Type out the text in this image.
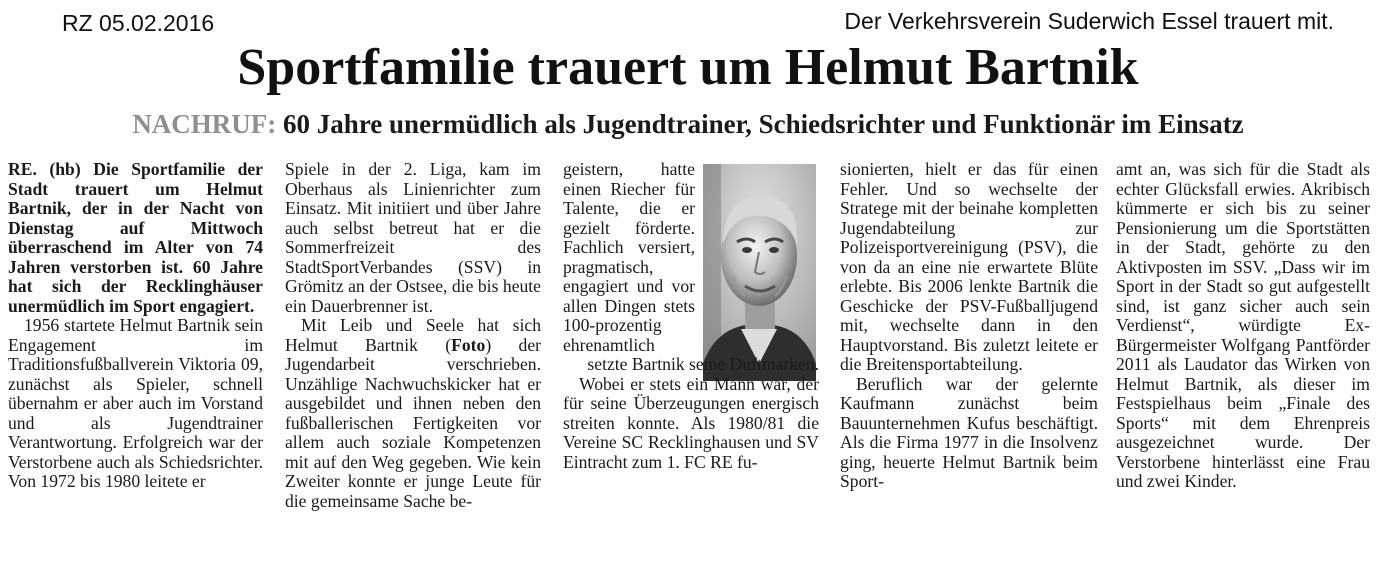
RZ 05.02.2016	Der Verkehrsverein Suderwich Essel trauert mit.
Sportfamilie trauert um Helmut Bartnik
NACHRUF: 60 Jahre unermüdlich als Jugendtrainer, Schiedsrichter und Funktionär im Einsatz

RE. (hb) Die Sportfamilie der Stadt trauert um Helmut Bartnik, der in der Nacht von Dienstag auf Mittwoch überraschend im Alter von 74 Jahren verstorben ist. 60 Jahre hat sich der Recklinghäuser unermüdlich im Sport engagiert.

1956 startete Helmut Bartnik sein Engagement im Traditionsfußballverein Viktoria 09, zunächst als Spieler, schnell übernahm er aber auch im Vorstand und als Jugendtrainer Verantwortung. Erfolgreich war der Verstorbene auch als Schiedsrichter. Von 1972 bis 1980 leitete er

Spiele in der 2. Liga, kam im Oberhaus als Linienrichter zum Einsatz. Mit initiiert und über Jahre auch selbst betreut hat er die Sommerfreizeit des StadtSportVerbandes (SSV) in Grömitz an der Ostsee, die bis heute ein Dauerbrenner ist.

Mit Leib und Seele hat sich Helmut Bartnik (Foto) der Jugendarbeit verschrieben. Unzählige Nachwuchskicker hat er ausgebildet und ihnen neben den fußballerischen Fertigkeiten vor allem auch soziale Kompetenzen mit auf den Weg gegeben. Wie kein Zweiter konnte er junge Leute für die gemeinsame Sache be-

geistern, hatte einen Riecher für Talente, die er gezielt förderte. Fachlich versiert, pragmatisch, engagiert und vor allen Dingen stets 100-prozentig ehrenamtlich

setzte Bartnik seine Duftmarken.

Wobei er stets ein Mann war, der für seine Überzeugungen energisch streiten konnte. Als 1980/81 die Vereine SC Recklinghausen und SV Eintracht zum 1. FC RE fu-

sionierten, hielt er das für einen Fehler. Und so wechselte der Stratege mit der beinahe kompletten Jugendabteilung zur Polizeisportvereinigung (PSV), die von da an eine nie erwartete Blüte erlebte. Bis 2006 lenkte Bartnik die Geschicke der PSV-Fußballjugend mit, wechselte dann in den Hauptvorstand. Bis zuletzt leitete er die Breitensportabteilung.

Beruflich war der gelernte Kaufmann zunächst beim Bauunternehmen Kufus beschäftigt. Als die Firma 1977 in die Insolvenz ging, heuerte Helmut Bartnik beim Sport-

amt an, was sich für die Stadt als echter Glücksfall erwies. Akribisch kümmerte er sich bis zu seiner Pensionierung um die Sportstätten in der Stadt, gehörte zu den Aktivposten im SSV. „Dass wir im Sport in der Stadt so gut aufgestellt sind, ist ganz sicher auch sein Verdienst“, würdigte Ex-Bürgermeister Wolfgang Pantförder 2011 als Laudator das Wirken von Helmut Bartnik, als dieser im Festspielhaus beim „Finale des Sports“ mit dem Ehrenpreis ausgezeichnet wurde. Der Verstorbene hinterlässt eine Frau und zwei Kinder.
